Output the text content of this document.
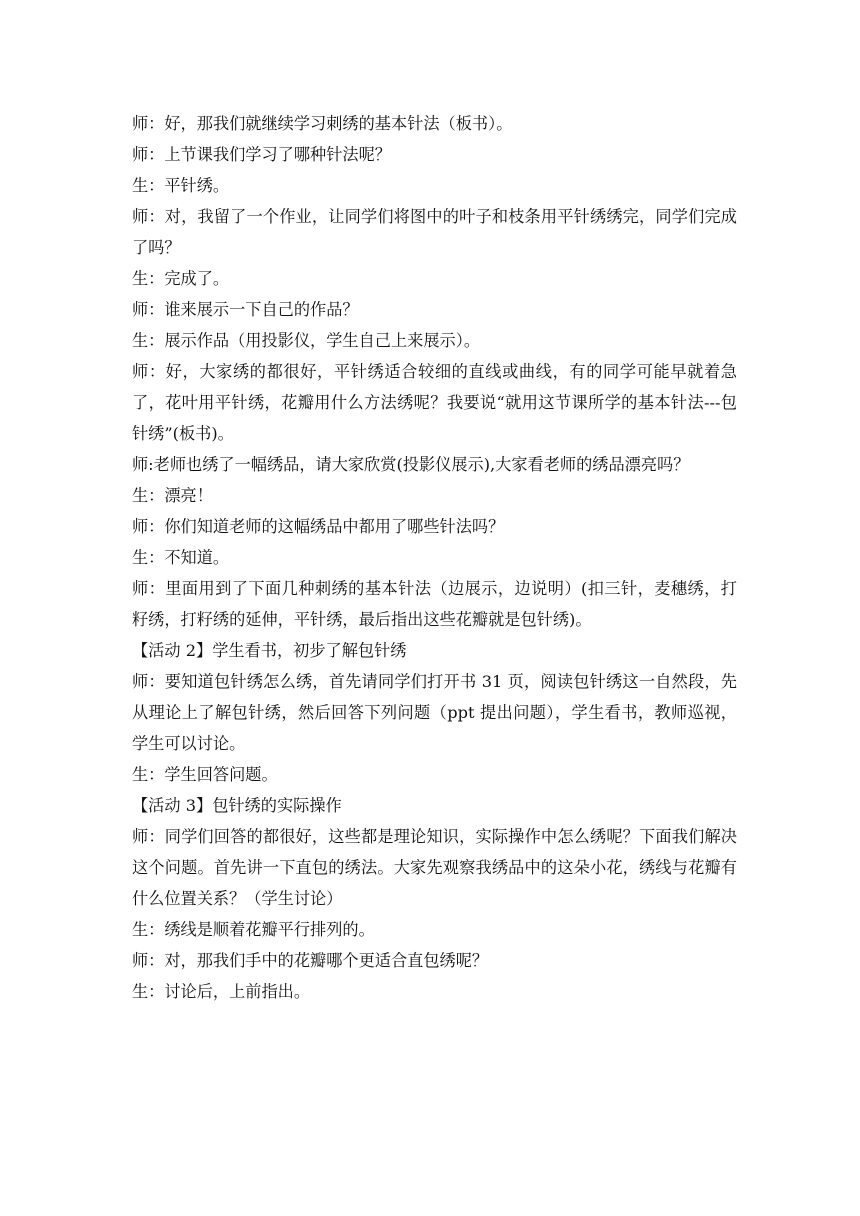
师：好，那我们就继续学习刺绣的基本针法（板书）。

师：上节课我们学习了哪种针法呢？

生：平针绣。

师：对，我留了一个作业，让同学们将图中的叶子和枝条用平针绣绣完，同学们完成了吗？

生：完成了。

师：谁来展示一下自己的作品？

生：展示作品（用投影仪，学生自己上来展示）。

师：好，大家绣的都很好，平针绣适合较细的直线或曲线，有的同学可能早就着急了，花叶用平针绣，花瓣用什么方法绣呢？我要说“就用这节课所学的基本针法---包针绣”(板书)。

师:老师也绣了一幅绣品，请大家欣赏(投影仪展示),大家看老师的绣品漂亮吗？

生：漂亮！

师：你们知道老师的这幅绣品中都用了哪些针法吗？

生：不知道。

师：里面用到了下面几种刺绣的基本针法（边展示，边说明）(扣三针，麦穗绣，打籽绣，打籽绣的延伸，平针绣，最后指出这些花瓣就是包针绣)。

【活动 2】学生看书，初步了解包针绣

师：要知道包针绣怎么绣，首先请同学们打开书 31 页，阅读包针绣这一自然段，先从理论上了解包针绣，然后回答下列问题（ppt 提出问题），学生看书，教师巡视，学生可以讨论。

生：学生回答问题。

【活动 3】包针绣的实际操作

师：同学们回答的都很好，这些都是理论知识，实际操作中怎么绣呢？下面我们解决这个问题。首先讲一下直包的绣法。大家先观察我绣品中的这朵小花，绣线与花瓣有什么位置关系？（学生讨论）

生：绣线是顺着花瓣平行排列的。

师：对，那我们手中的花瓣哪个更适合直包绣呢？

生：讨论后，上前指出。
